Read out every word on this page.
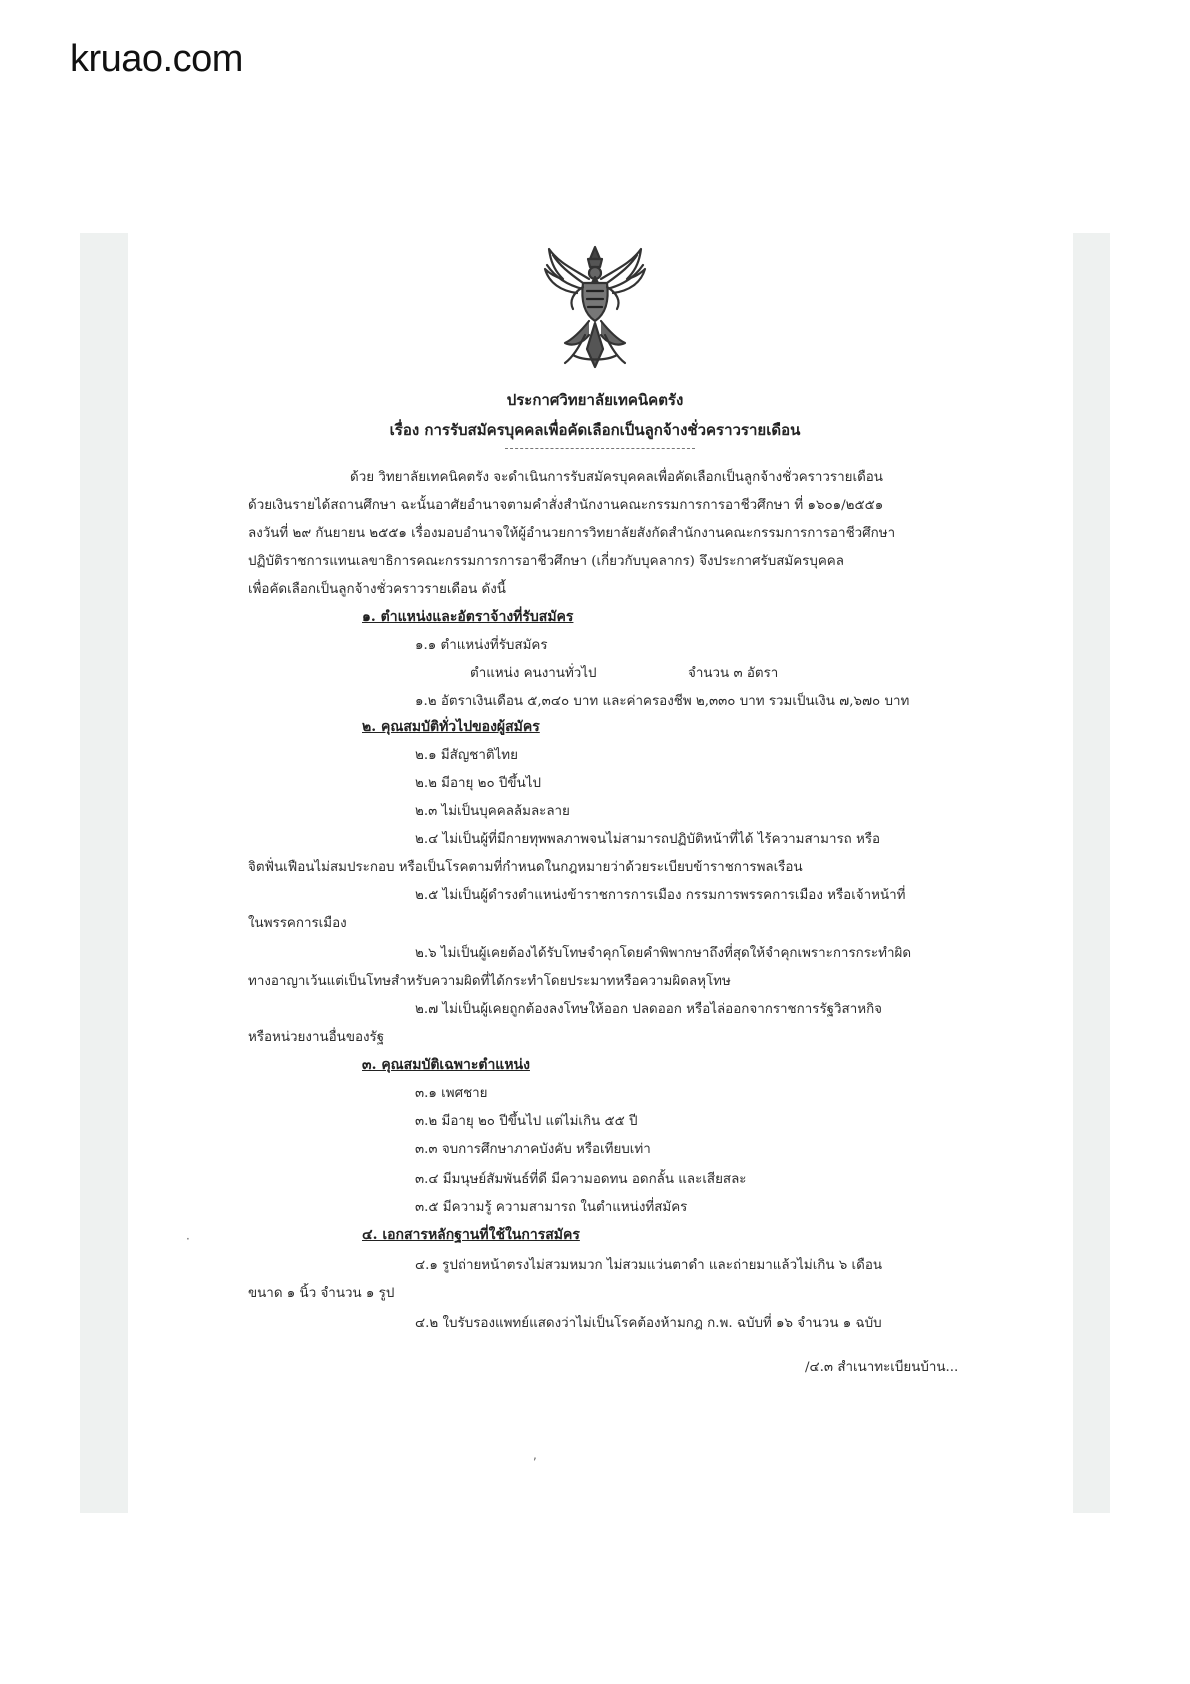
kruao.com
ประกาศวิทยาลัยเทคนิคตรัง
เรื่อง การรับสมัครบุคคลเพื่อคัดเลือกเป็นลูกจ้างชั่วคราวรายเดือน
ด้วย วิทยาลัยเทคนิคตรัง จะดำเนินการรับสมัครบุคคลเพื่อคัดเลือกเป็นลูกจ้างชั่วคราวรายเดือน
ด้วยเงินรายได้สถานศึกษา ฉะนั้นอาศัยอำนาจตามคำสั่งสำนักงานคณะกรรมการการอาชีวศึกษา ที่ ๑๖๐๑/๒๕๕๑
ลงวันที่ ๒๙ กันยายน ๒๕๕๑ เรื่องมอบอำนาจให้ผู้อำนวยการวิทยาลัยสังกัดสำนักงานคณะกรรมการการอาชีวศึกษา
ปฏิบัติราชการแทนเลขาธิการคณะกรรมการการอาชีวศึกษา (เกี่ยวกับบุคลากร) จึงประกาศรับสมัครบุคคล
เพื่อคัดเลือกเป็นลูกจ้างชั่วคราวรายเดือน ดังนี้
๑. ตำแหน่งและอัตราจ้างที่รับสมัคร
๑.๑ ตำแหน่งที่รับสมัคร
ตำแหน่ง คนงานทั่วไป	จำนวน ๓ อัตรา
๑.๒ อัตราเงินเดือน ๕,๓๔๐ บาท และค่าครองชีพ ๒,๓๓๐ บาท รวมเป็นเงิน ๗,๖๗๐ บาท
๒. คุณสมบัติทั่วไปของผู้สมัคร
๒.๑ มีสัญชาติไทย
๒.๒ มีอายุ ๒๐ ปีขึ้นไป
๒.๓ ไม่เป็นบุคคลล้มละลาย
๒.๔ ไม่เป็นผู้ที่มีกายทุพพลภาพจนไม่สามารถปฏิบัติหน้าที่ได้ ไร้ความสามารถ หรือ
จิตฟั่นเฟือนไม่สมประกอบ หรือเป็นโรคตามที่กำหนดในกฎหมายว่าด้วยระเบียบข้าราชการพลเรือน
๒.๕ ไม่เป็นผู้ดำรงตำแหน่งข้าราชการการเมือง กรรมการพรรคการเมือง หรือเจ้าหน้าที่
ในพรรคการเมือง
๒.๖ ไม่เป็นผู้เคยต้องได้รับโทษจำคุกโดยคำพิพากษาถึงที่สุดให้จำคุกเพราะการกระทำผิด
ทางอาญาเว้นแต่เป็นโทษสำหรับความผิดที่ได้กระทำโดยประมาทหรือความผิดลหุโทษ
๒.๗ ไม่เป็นผู้เคยถูกต้องลงโทษให้ออก ปลดออก หรือไล่ออกจากราชการรัฐวิสาหกิจ
หรือหน่วยงานอื่นของรัฐ
๓. คุณสมบัติเฉพาะตำแหน่ง
๓.๑ เพศชาย
๓.๒ มีอายุ ๒๐ ปีขึ้นไป แต่ไม่เกิน ๕๕ ปี
๓.๓ จบการศึกษาภาคบังคับ หรือเทียบเท่า
๓.๔ มีมนุษย์สัมพันธ์ที่ดี มีความอดทน อดกลั้น และเสียสละ
๓.๕ มีความรู้ ความสามารถ ในตำแหน่งที่สมัคร
๔. เอกสารหลักฐานที่ใช้ในการสมัคร
๔.๑ รูปถ่ายหน้าตรงไม่สวมหมวก ไม่สวมแว่นตาดำ และถ่ายมาแล้วไม่เกิน ๖ เดือน
ขนาด ๑ นิ้ว จำนวน ๑ รูป
๔.๒ ใบรับรองแพทย์แสดงว่าไม่เป็นโรคต้องห้ามกฎ ก.พ. ฉบับที่ ๑๖ จำนวน ๑ ฉบับ
/๔.๓ สำเนาทะเบียนบ้าน...
·
,
